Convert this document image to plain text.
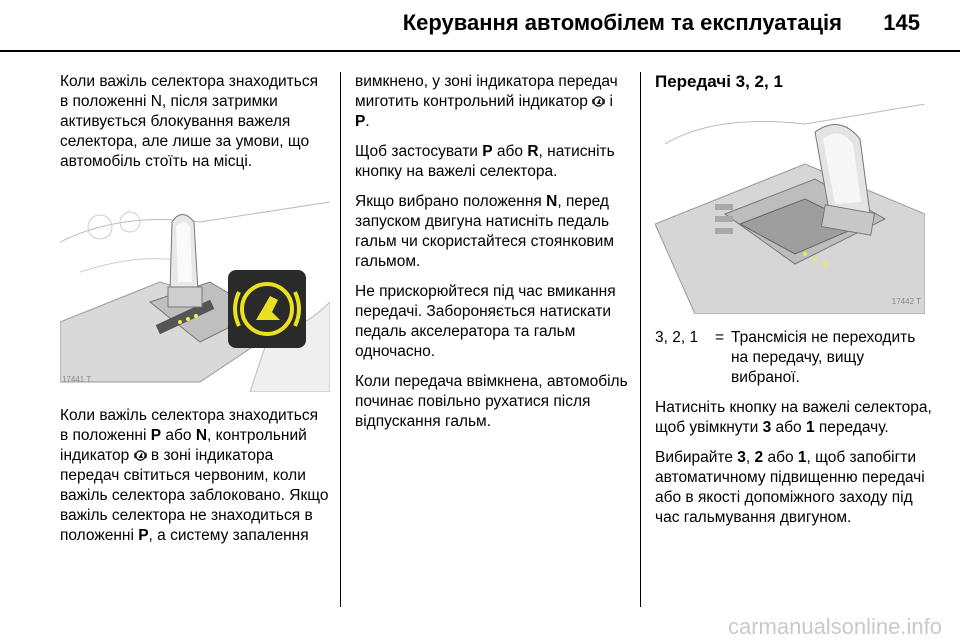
Керування автомобілем та експлуатація 145

Коли важіль селектора знаходиться в положенні N, після затримки активується блокування важеля селектора, але лише за умови, що автомобіль стоїть на місці.

17441 T

Коли важіль селектора знаходиться в положенні P або N, контрольний індикатор  в зоні індикатора передач світиться червоним, коли важіль селектора заблоковано. Якщо важіль селектора не знаходиться в положенні P, а систему запалення

вимкнено, у зоні індикатора передач миготить контрольний індикатор  і P.

Щоб застосувати P або R, натисніть кнопку на важелі селектора.

Якщо вибрано положення N, перед запуском двигуна натисніть педаль гальм чи скористайтеся стоянковим гальмом.

Не прискорюйтеся під час вмикання передачі. Забороняється натискати педаль акселератора та гальм одночасно.

Коли передача ввімкнена, автомобіль починає повільно рухатися після відпускання гальм.

Передачі 3, 2, 1
17442 T
3, 2, 1	= Трансмісія не переходить на передачу, вищу вибраної.

Натисніть кнопку на важелі селектора, щоб увімкнути 3 або 1 передачу.

Вибирайте 3, 2 або 1, щоб запобігти автоматичному підвищенню передачі або в якості допоміжного заходу під час гальмування двигуном.

carmanualsonline.info
